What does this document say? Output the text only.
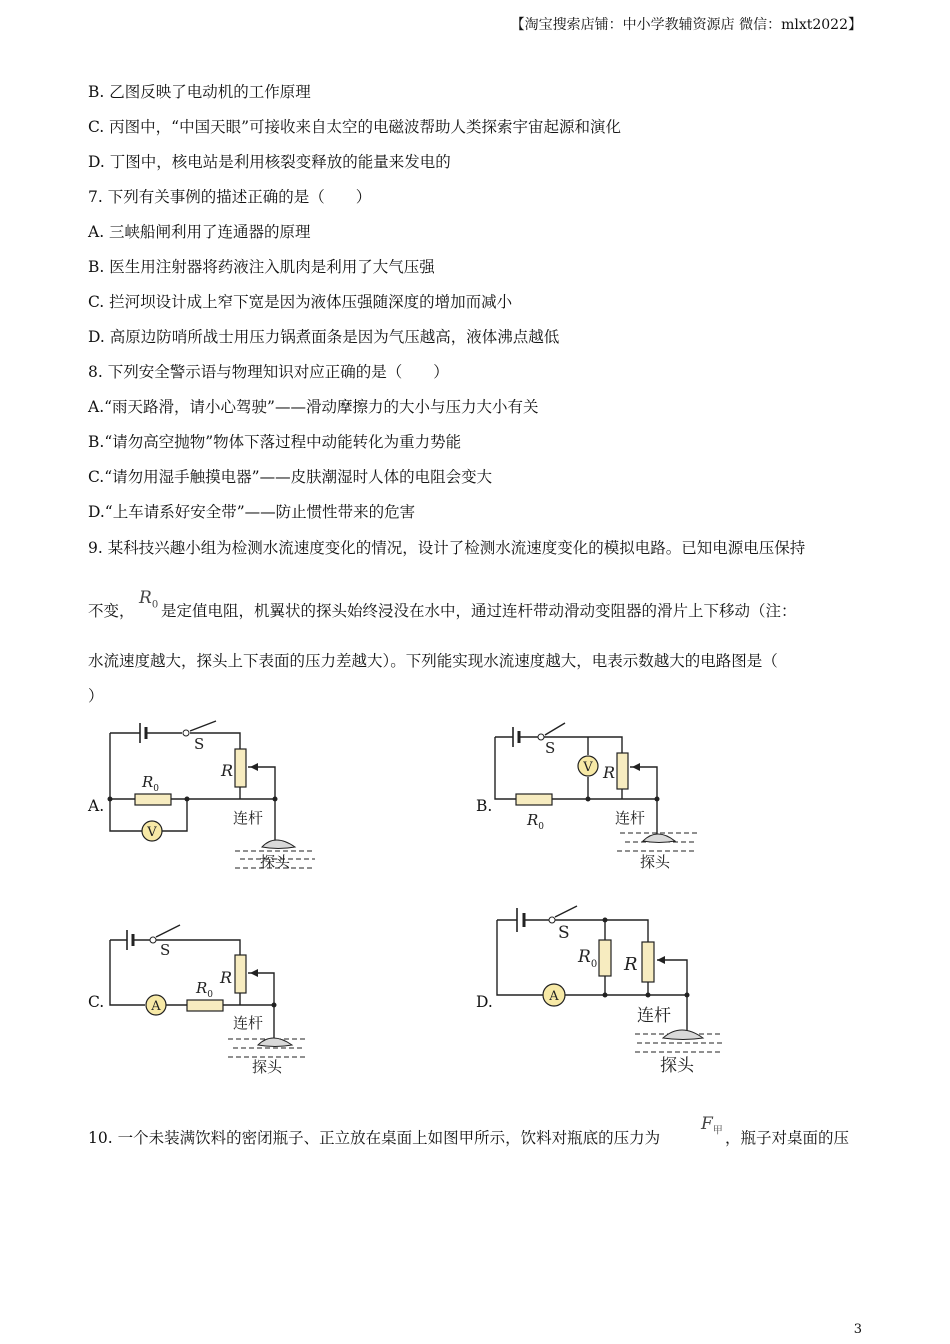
【淘宝搜索店铺：中小学教辅资源店 微信：mlxt2022】
B. 乙图反映了电动机的工作原理
C. 丙图中，“中国天眼”可接收来自太空的电磁波帮助人类探索宇宙起源和演化
D. 丁图中，核电站是利用核裂变释放的能量来发电的
7. 下列有关事例的描述正确的是（　　）
A. 三峡船闸利用了连通器的原理
B. 医生用注射器将药液注入肌肉是利用了大气压强
C. 拦河坝设计成上窄下宽是因为液体压强随深度的增加而减小
D. 高原边防哨所战士用压力锅煮面条是因为气压越高，液体沸点越低
8. 下列安全警示语与物理知识对应正确的是（　　）
A.“雨天路滑，请小心驾驶”——滑动摩擦力的大小与压力大小有关
B.“请勿高空抛物”物体下落过程中动能转化为重力势能
C.“请勿用湿手触摸电器”——皮肤潮湿时人体的电阻会变大
D.“上车请系好安全带”——防止惯性带来的危害
9. 某科技兴趣小组为检测水流速度变化的情况，设计了检测水流速度变化的模拟电路。已知电源电压保持
不变，
$R_0$ 是定值电阻，机翼状的探头始终浸没在水中，通过连杆带动滑动变阻器的滑片上下移动（注：
水流速度越大，探头上下表面的压力差越大）。下列能实现水流速度越大，电表示数越大的电路图是（
）
A.
V
S
R
$R_0$
连杆
探头
B.
V
S
R
$R_0$	连杆
探头
C.	A
S
R
$R_0$
连杆
探头
D.	A
S
$R_0$ R
连杆
探头
10. 一个未装满饮料的密闭瓶子、正立放在桌面上如图甲所示，饮料对瓶底的压力为
$F_甲$ ，瓶子对桌面的压
3
